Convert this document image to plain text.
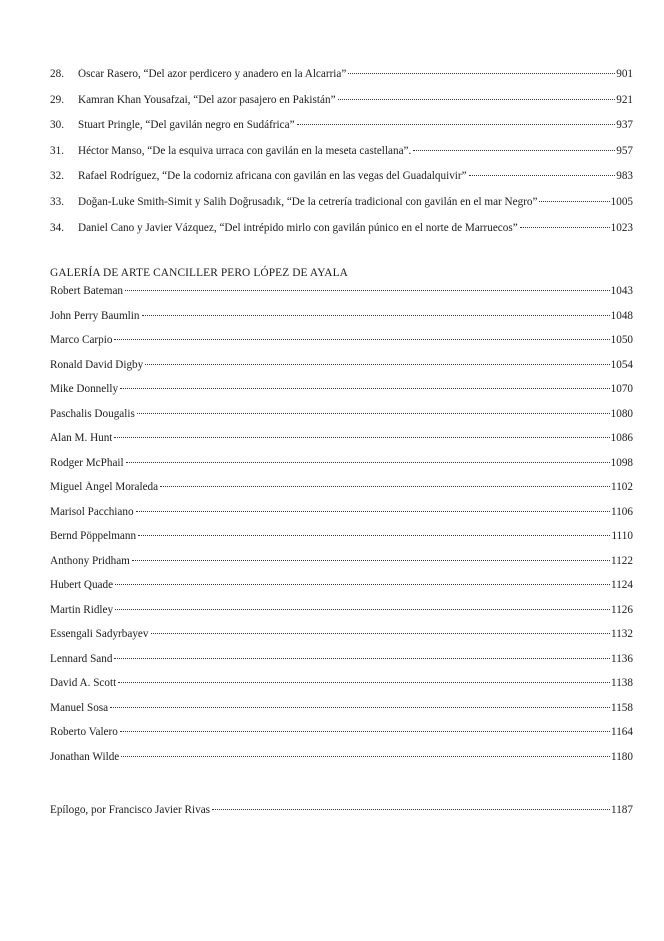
28.	Óscar Rasero, “Del azor perdicero y anadero en la Alcarria”	901
29.	Kamran Khan Yousafzai, “Del azor pasajero en Pakistán”	921
30.	Stuart Pringle, “Del gavilán negro en Sudáfrica”	937
31.	Héctor Manso, “De la esquiva urraca con gavilán en la meseta castellana”.	957
32.	Rafael Rodríguez, “De la codorniz africana con gavilán en las vegas del Guadalquivir”	983
33.	Doğan-Luke Smith-Simit y Salih Doğrusadık, “De la cetrería tradicional con gavilán en el mar Negro”	1005
34.	Daniel Cano y Javier Vázquez, “Del intrépido mirlo con gavilán púnico en el norte de Marruecos”	1023
GALERÍA DE ARTE CANCILLER PERO LÓPEZ DE AYALA
Robert Bateman	1043
John Perry Baumlin	1048
Marco Carpio	1050
Ronald David Digby	1054
Mike Donnelly	1070
Paschalis Dougalis	1080
Alan M. Hunt	1086
Rodger McPhail	1098
Miguel Ángel Moraleda	1102
Marisol Pacchiano	1106
Bernd Pöppelmann	1110
Anthony Pridham	1122
Hubert Quade	1124
Martin Ridley	1126
Essengali Sadyrbayev	1132
Lennard Sand	1136
David A. Scott	1138
Manuel Sosa	1158
Roberto Valero	1164
Jonathan Wilde	1180
Epílogo, por Francisco Javier Rivas	1187
